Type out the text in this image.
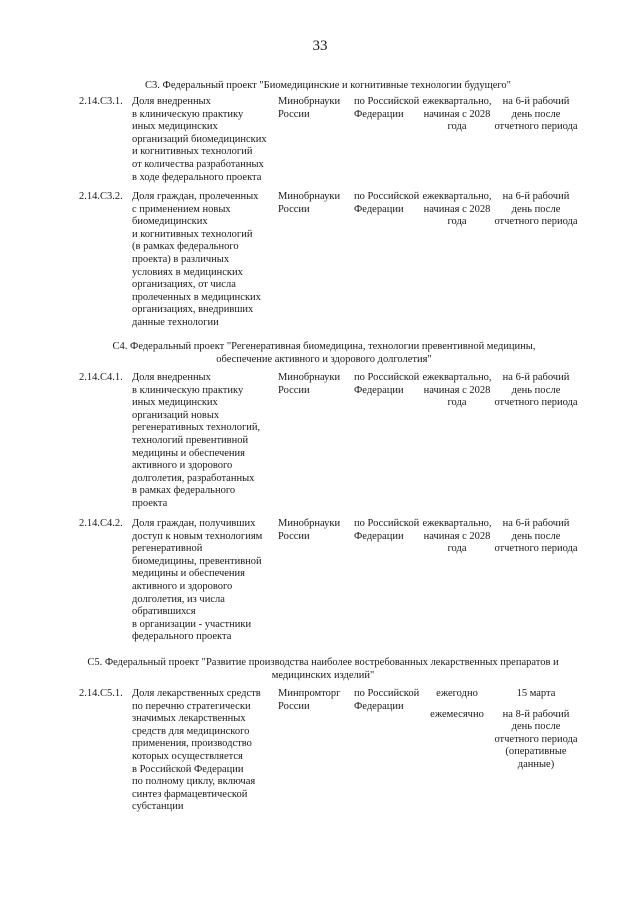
33
С3. Федеральный проект "Биомедицинские и когнитивные технологии будущего"
2.14.С3.1. Доля внедренных
в клиническую практику
иных медицинских
организаций биомедицинских
и когнитивных технологий
от количества разработанных
в ходе федерального проекта
Минобрнауки России
по Российской Федерации
ежеквартально, начиная с 2028 года
на 6-й рабочий день после отчетного периода
2.14.С3.2. Доля граждан, пролеченных
с применением новых
биомедицинских
и когнитивных технологий
(в рамках федерального
проекта) в различных
условиях в медицинских
организациях, от числа
пролеченных в медицинских
организациях, внедривших
данные технологии
Минобрнауки России
по Российской Федерации
ежеквартально, начиная с 2028 года
на 6-й рабочий день после отчетного периода
С4. Федеральный проект "Регенеративная биомедицина, технологии превентивной медицины, обеспечение активного и здорового долголетия"
2.14.С4.1. Доля внедренных
в клиническую практику
иных медицинских
организаций новых
регенеративных технологий,
технологий превентивной
медицины и обеспечения
активного и здорового
долголетия, разработанных
в рамках федерального
проекта
Минобрнауки России
по Российской Федерации
ежеквартально, начиная с 2028 года
на 6-й рабочий день после отчетного периода
2.14.С4.2. Доля граждан, получивших
доступ к новым технологиям
регенеративной
биомедицины, превентивной
медицины и обеспечения
активного и здорового
долголетия, из числа
обратившихся
в организации - участники
федерального проекта
Минобрнауки России
по Российской Федерации
ежеквартально, начиная с 2028 года
на 6-й рабочий день после отчетного периода
С5. Федеральный проект "Развитие производства наиболее востребованных лекарственных препаратов и медицинских изделий"
2.14.С5.1. Доля лекарственных средств
по перечню стратегически
значимых лекарственных
средств для медицинского
применения, производство
которых осуществляется
в Российской Федерации
по полному циклу, включая
синтез фармацевтической
субстанции
Минпромторг России
по Российской Федерации
ежегодно
ежемесячно
15 марта
на 8-й рабочий день после отчетного периода (оперативные данные)
